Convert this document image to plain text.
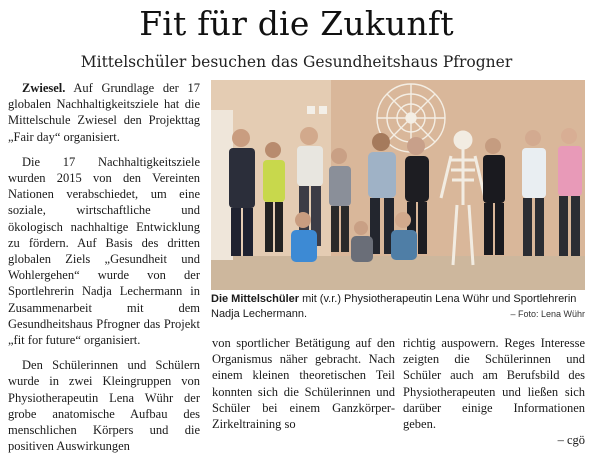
Fit für die Zukunft
Mittelschüler besuchen das Gesundheitshaus Pfrogner

Zwiesel. Auf Grundlage der 17 globalen Nachhaltigkeitsziele hat die Mittelschule Zwiesel den Projekttag „Fair day“ organisiert.

Die 17 Nachhaltigkeitsziele wurden 2015 von den Vereinten Nationen verabschiedet, um eine soziale, wirtschaftliche und ökologisch nachhaltige Entwicklung zu fördern. Auf Basis des dritten globalen Ziels „Gesundheit und Wohlergehen“ wurde von der Sportlehrerin Nadja Lechermann in Zusammenarbeit mit dem Gesundheitshaus Pfrogner das Projekt „fit for future“ organisiert.

Den Schülerinnen und Schülern wurde in zwei Kleingruppen von Physiotherapeutin Lena Wühr der grobe anatomische Aufbau des menschlichen Körpers und die positiven Auswirkungen

Die Mittelschüler mit (v.r.) Physiotherapeutin Lena Wühr und Sportlehrerin Nadja Lechermann.	– Foto: Lena Wühr

von sportlicher Betätigung auf den Organismus näher gebracht. Nach einem kleinen theoretischen Teil konnten sich die Schülerinnen und Schüler bei einem Ganzkörper-Zirkeltraining so

richtig auspowern. Reges Interesse zeigten die Schülerinnen und Schüler auch am Berufsbild des Physiotherapeuten und ließen sich darüber einige Informationen geben.

– cgö
